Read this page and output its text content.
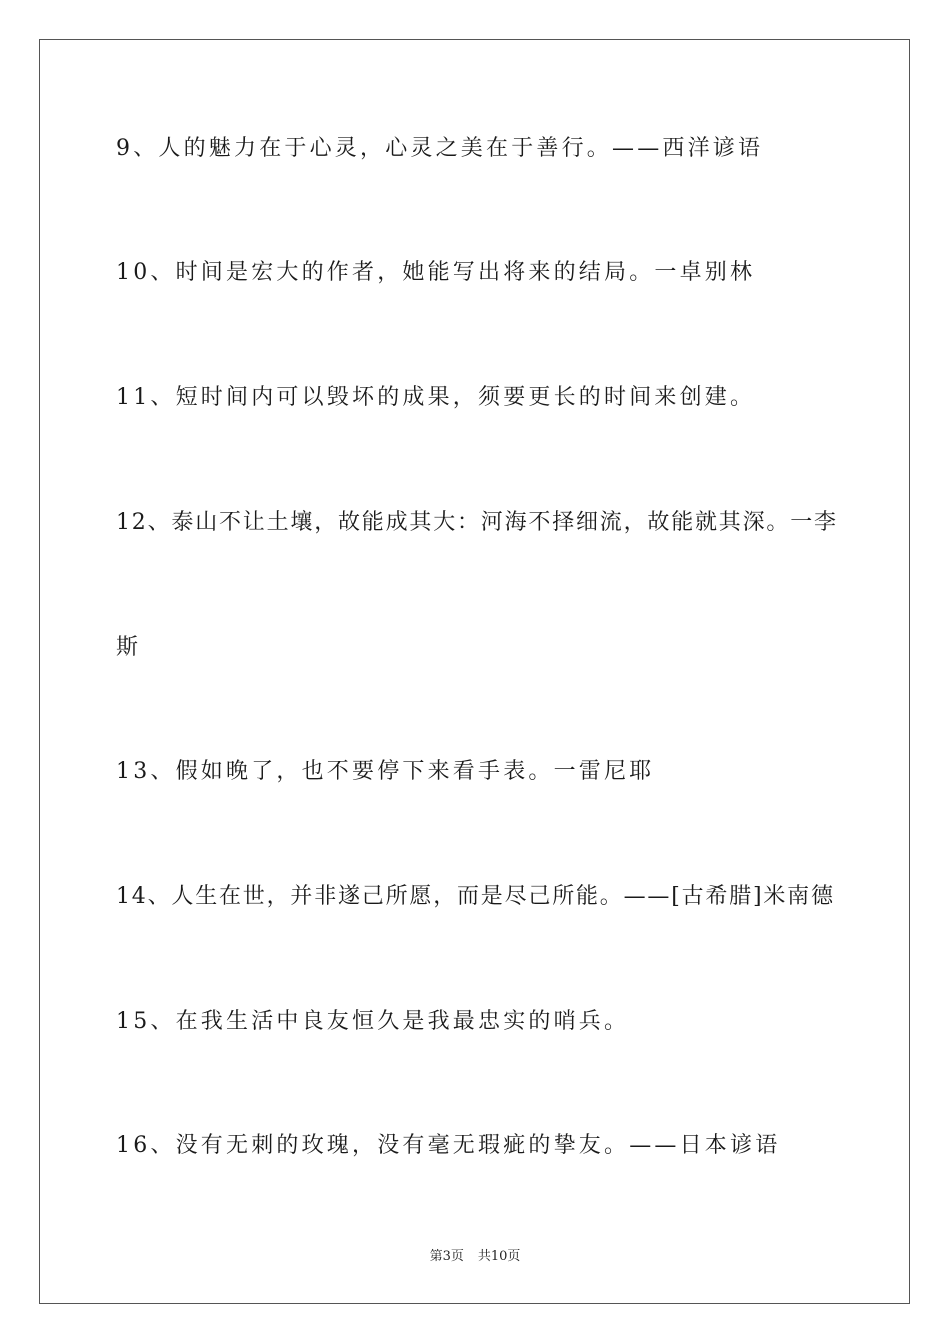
9、人的魅力在于心灵，心灵之美在于善行。——西洋谚语

10、时间是宏大的作者，她能写出将来的结局。一卓别林

11、短时间内可以毁坏的成果，须要更长的时间来创建。

12、泰山不让土壤，故能成其大：河海不择细流，故能就其深。一李

斯

13、假如晚了，也不要停下来看手表。一雷尼耶

14、人生在世，并非遂己所愿，而是尽己所能。——[古希腊]米南德

15、在我生活中良友恒久是我最忠实的哨兵。

16、没有无刺的玫瑰，没有毫无瑕疵的挚友。——日本谚语

第3页 共10页
